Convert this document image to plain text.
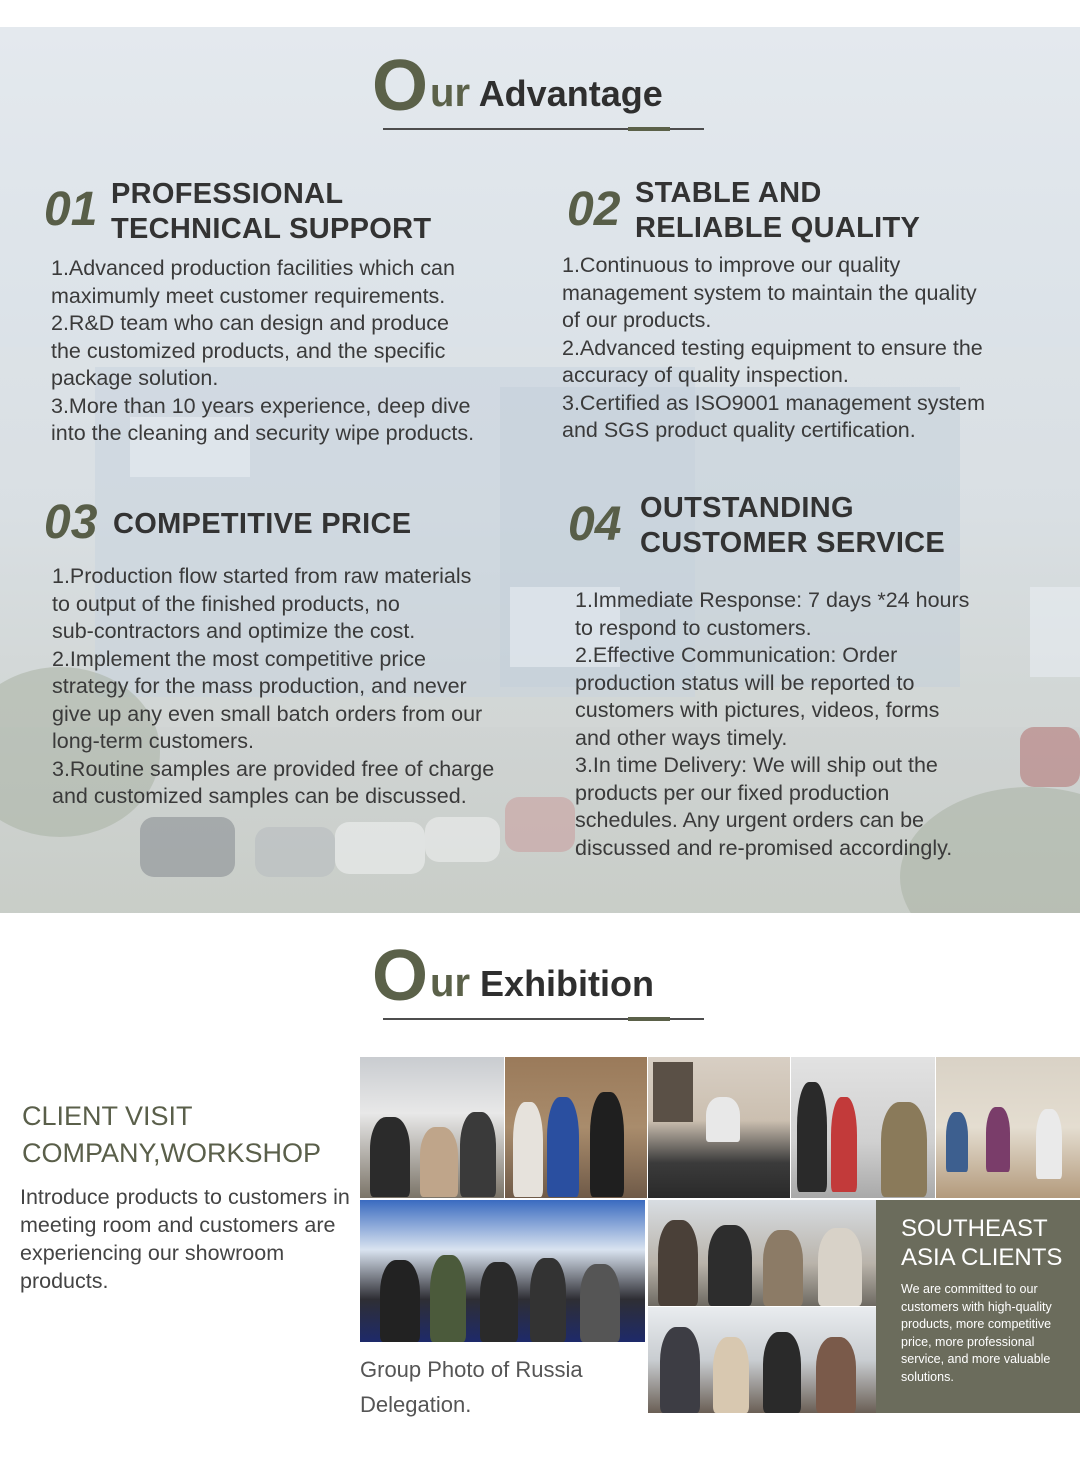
O ur Advantage
01 PROFESSIONAL
TECHNICAL SUPPORT
1.Advanced production facilities which can
maximumly meet customer requirements.
2.R&D team who can design and produce
the customized products, and the specific
package solution.
3.More than 10 years experience, deep dive
into the cleaning and security wipe products.
02 STABLE AND
RELIABLE QUALITY
1.Continuous to improve our quality
management system to maintain the quality
of our products.
2.Advanced testing equipment to ensure the
accuracy of quality inspection.
3.Certified as ISO9001 management system
and SGS product quality certification.
03 COMPETITIVE PRICE
1.Production flow started from raw materials
to output of the finished products, no
sub-contractors and optimize the cost.
2.Implement the most competitive price
strategy for the mass production, and never
give up any even small batch orders from our
long-term customers.
3.Routine samples are provided free of charge
and customized samples can be discussed.
04 OUTSTANDING
CUSTOMER SERVICE
1.Immediate Response: 7 days *24 hours
to respond to customers.
2.Effective Communication: Order
production status will be reported to
customers with pictures, videos, forms
and other ways timely.
3.In time Delivery: We will ship out the
products per our fixed production
schedules. Any urgent orders can be
discussed and re-promised accordingly.
O ur Exhibition
CLIENT VISIT
COMPANY,WORKSHOP
Introduce products to customers in meeting room and customers are experiencing our showroom products.
Group Photo of Russia Delegation.
SOUTHEAST
ASIA CLIENTS
We are committed to our customers with high-quality products, more competitive price, more professional service, and more valuable solutions.
